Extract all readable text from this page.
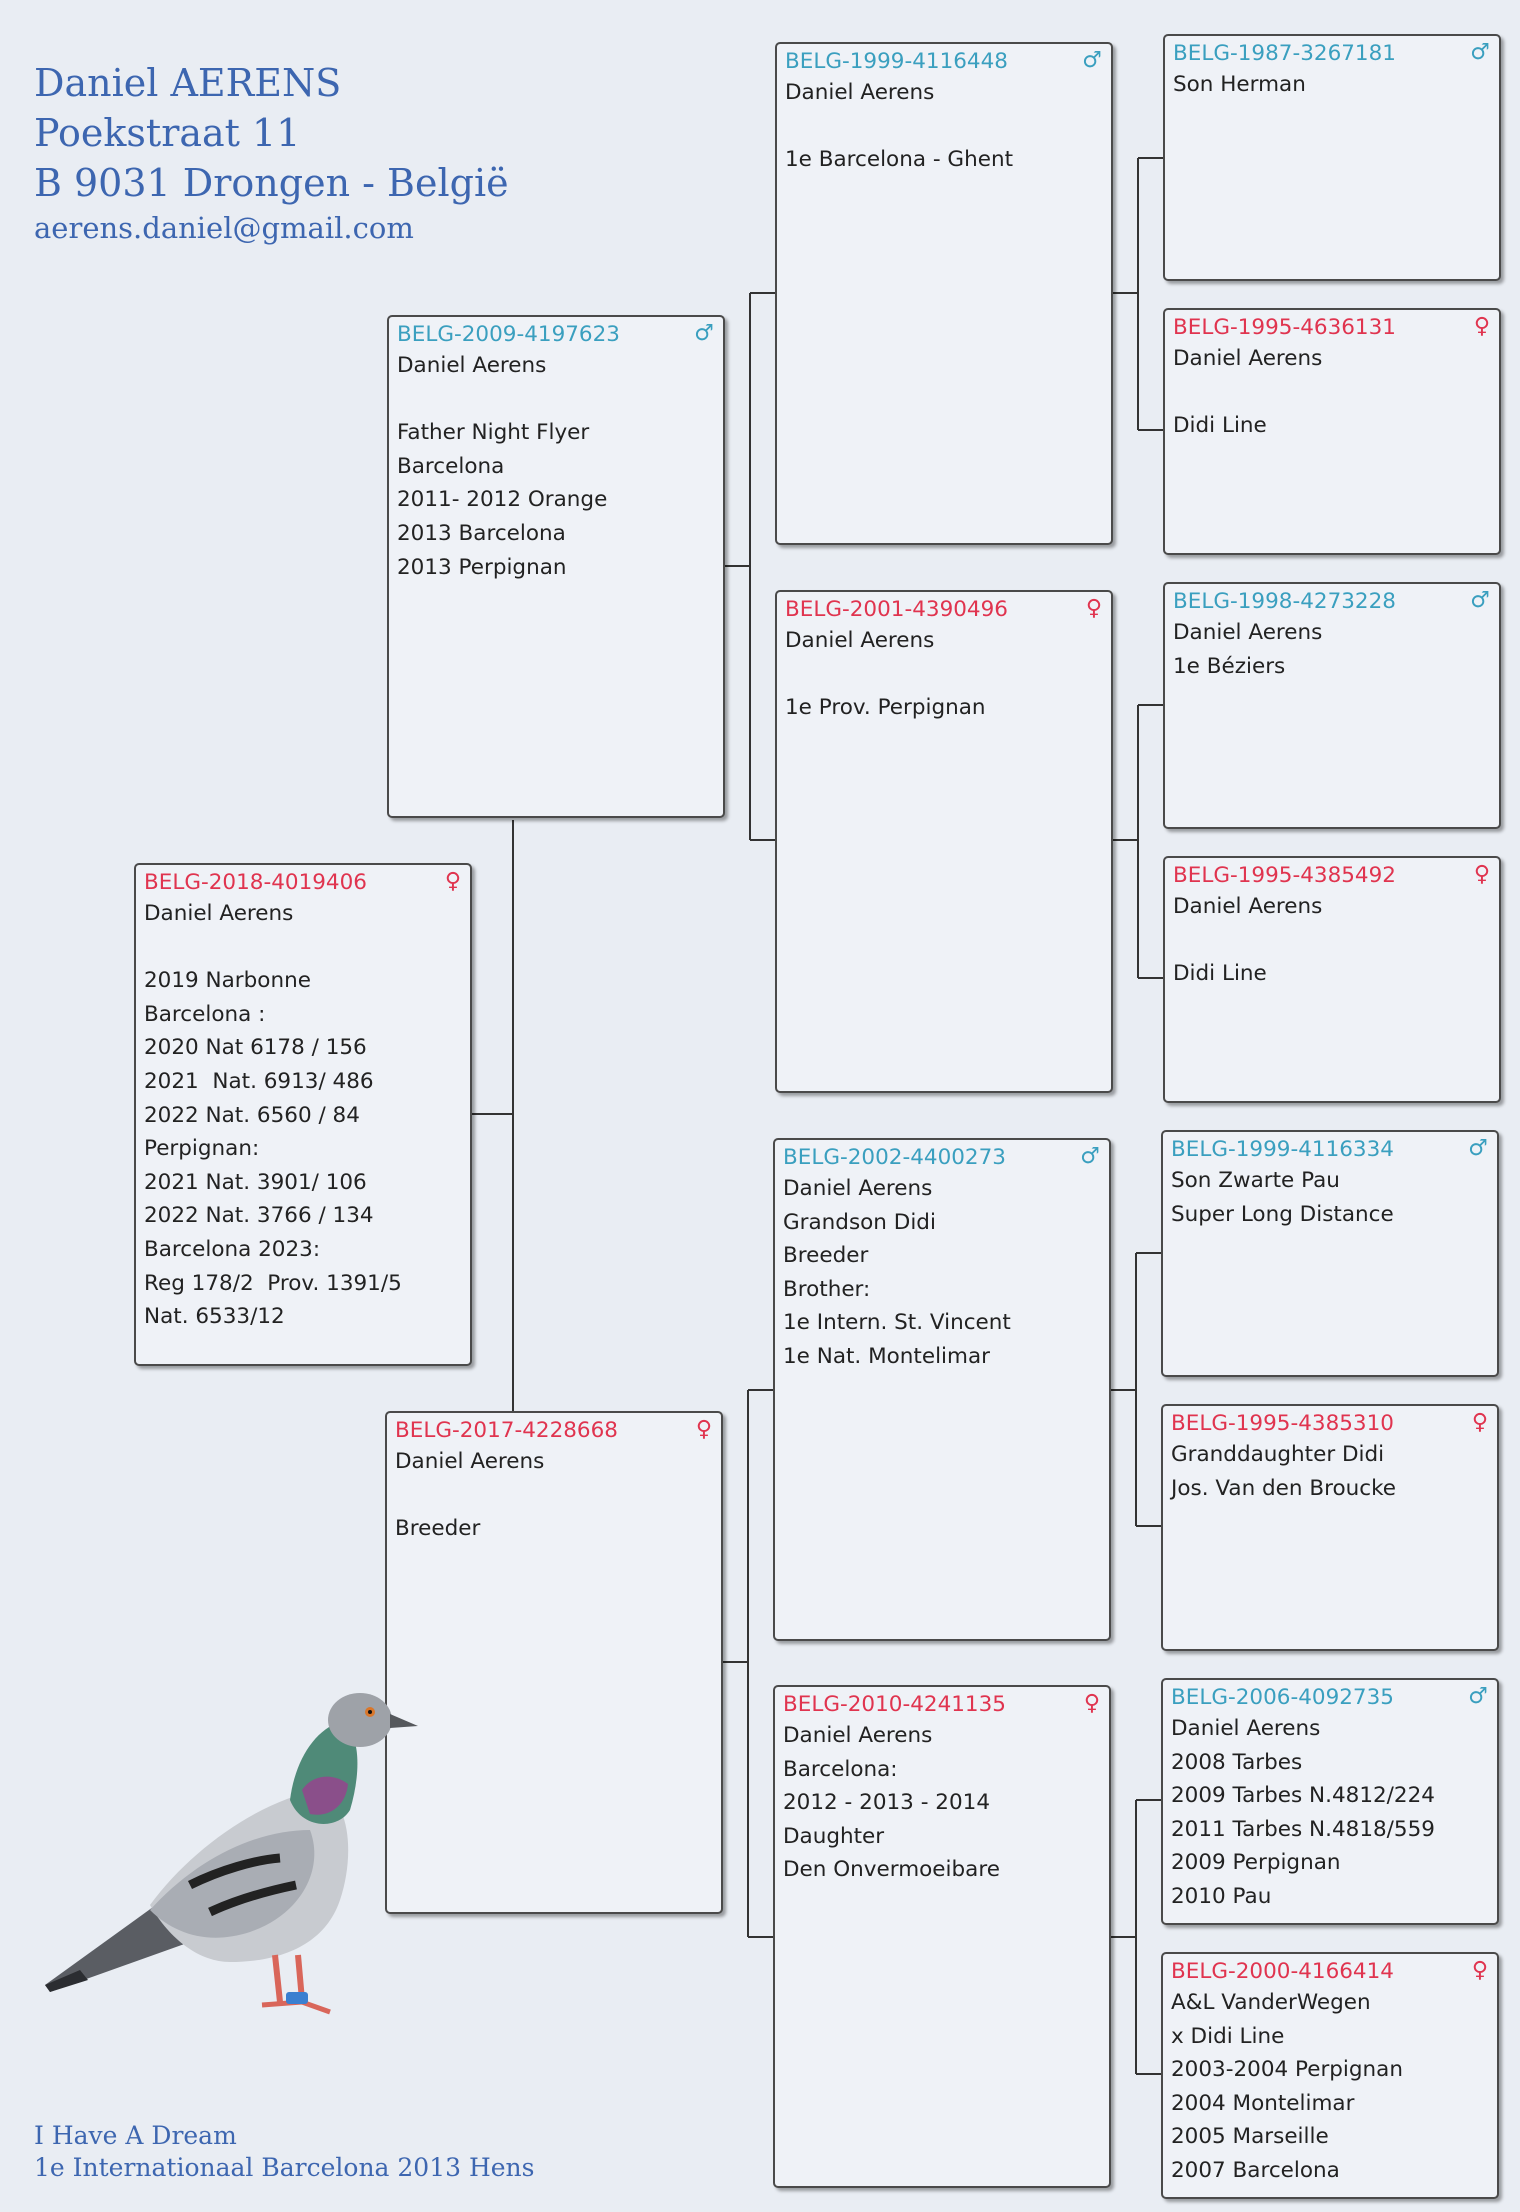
Daniel AERENS
Poekstraat 11
B 9031 Drongen - België
aerens.daniel@gmail.com
BELG-2018-4019406	♀
Daniel Aerens

2019 Narbonne
Barcelona :
2020 Nat 6178 / 156
2021  Nat. 6913/ 486
2022 Nat. 6560 / 84
Perpignan:
2021 Nat. 3901/ 106
2022 Nat. 3766 / 134
Barcelona 2023:
Reg 178/2  Prov. 1391/5
Nat. 6533/12
BELG-2009-4197623	♂
Daniel Aerens

Father Night Flyer
Barcelona
2011- 2012 Orange
2013 Barcelona
2013 Perpignan
BELG-2017-4228668	♀
Daniel Aerens

Breeder
BELG-1999-4116448	♂
Daniel Aerens

1e Barcelona - Ghent
BELG-2001-4390496	♀
Daniel Aerens

1e Prov. Perpignan
BELG-2002-4400273	♂
Daniel Aerens
Grandson Didi
Breeder
Brother:
1e Intern. St. Vincent
1e Nat. Montelimar
BELG-2010-4241135	♀
Daniel Aerens
Barcelona:
2012 - 2013 - 2014
Daughter
Den Onvermoeibare
BELG-1987-3267181	♂
Son Herman
BELG-1995-4636131	♀
Daniel Aerens

Didi Line
BELG-1998-4273228	♂
Daniel Aerens
1e Béziers
BELG-1995-4385492	♀
Daniel Aerens

Didi Line
BELG-1999-4116334	♂
Son Zwarte Pau
Super Long Distance
BELG-1995-4385310	♀
Granddaughter Didi
Jos. Van den Broucke
BELG-2006-4092735	♂
Daniel Aerens
2008 Tarbes
2009 Tarbes N.4812/224
2011 Tarbes N.4818/559
2009 Perpignan
2010 Pau
BELG-2000-4166414	♀
A&L VanderWegen
x Didi Line
2003-2004 Perpignan
2004 Montelimar
2005 Marseille
2007 Barcelona
I Have A Dream
1e Internationaal Barcelona 2013 Hens
